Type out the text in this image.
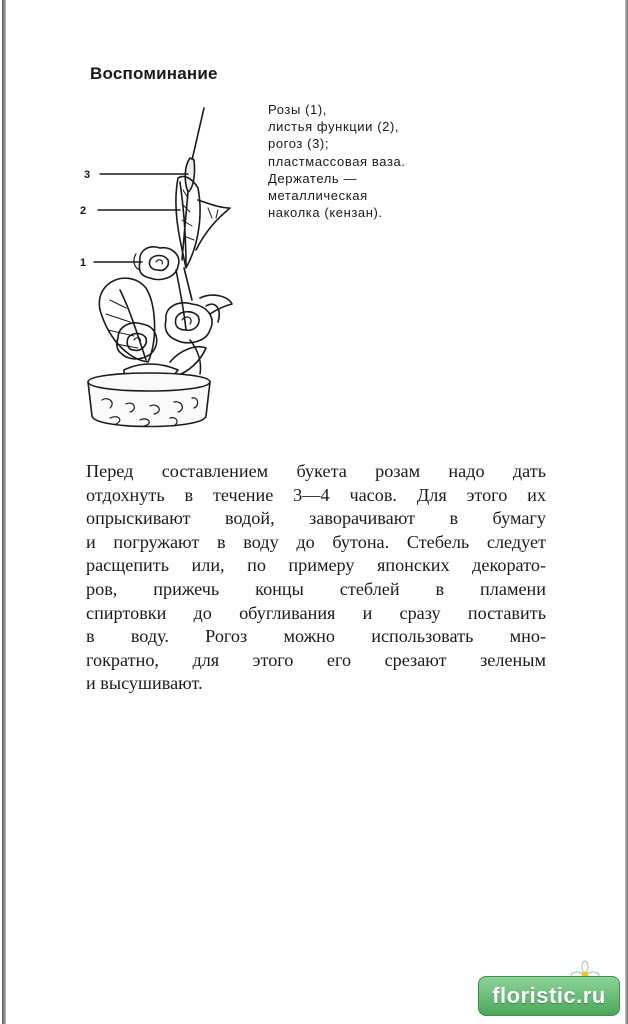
Воспоминание
Розы (1),
листья функции (2),
рогоз (3);
пластмассовая ваза.
Держатель —
металлическая
наколка (кензан).
3
2
1
Перед составлением букета розам надо дать
отдохнуть в течение 3—4 часов. Для этого их
опрыскивают водой, заворачивают в бумагу
и погружают в воду до бутона. Стебель следует
расщепить или, по примеру японских декорато-
ров, прижечь концы стеблей в пламени
спиртовки до обугливания и сразу поставить
в воду. Рогоз можно использовать мно-
гократно, для этого его срезают зеленым
и высушивают.
floristic.ru
